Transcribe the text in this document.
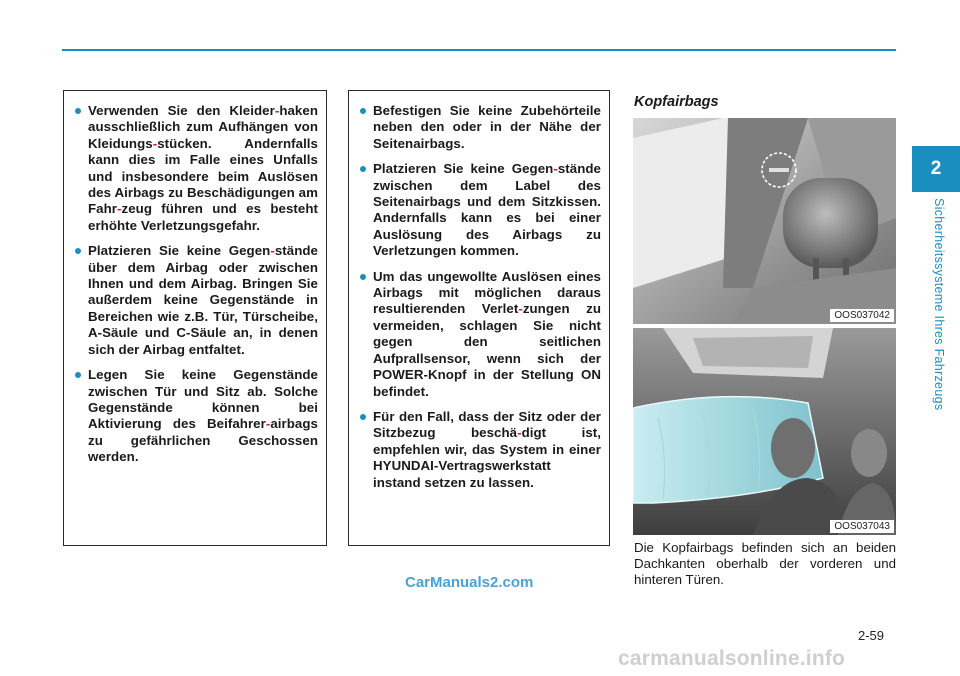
Verwenden Sie den Kleider-haken ausschließlich zum Aufhängen von Kleidungs-stücken. Andernfalls kann dies im Falle eines Unfalls und insbesondere beim Auslösen des Airbags zu Beschädigungen am Fahr-zeug führen und es besteht erhöhte Verletzungsgefahr.
Platzieren Sie keine Gegen-stände über dem Airbag oder zwischen Ihnen und dem Airbag. Bringen Sie außerdem keine Gegenstände in Bereichen wie z.B. Tür, Türscheibe, A-Säule und C-Säule an, in denen sich der Airbag entfaltet.
Legen Sie keine Gegenstände zwischen Tür und Sitz ab. Solche Gegenstände können bei Aktivierung des Beifahrer-airbags zu gefährlichen Geschossen werden.
Befestigen Sie keine Zubehörteile neben den oder in der Nähe der Seitenairbags.
Platzieren Sie keine Gegen-stände zwischen dem Label des Seitenairbags und dem Sitzkissen. Andernfalls kann es bei einer Auslösung des Airbags zu Verletzungen kommen.
Um das ungewollte Auslösen eines Airbags mit möglichen daraus resultierenden Verlet-zungen zu vermeiden, schlagen Sie nicht gegen den seitlichen Aufprallsensor, wenn sich der POWER-Knopf in der Stellung ON befindet.
Für den Fall, dass der Sitz oder der Sitzbezug beschä-digt ist, empfehlen wir, das System in einer HYUNDAI-Vertragswerkstatt instand setzen zu lassen.
Kopfairbags
OOS037042
OOS037043
Die Kopfairbags befinden sich an beiden Dachkanten oberhalb der vorderen und hinteren Türen.
CarManuals2.com
carmanualsonline.info
2-59
2
Sicherheitssysteme Ihres Fahrzeugs
